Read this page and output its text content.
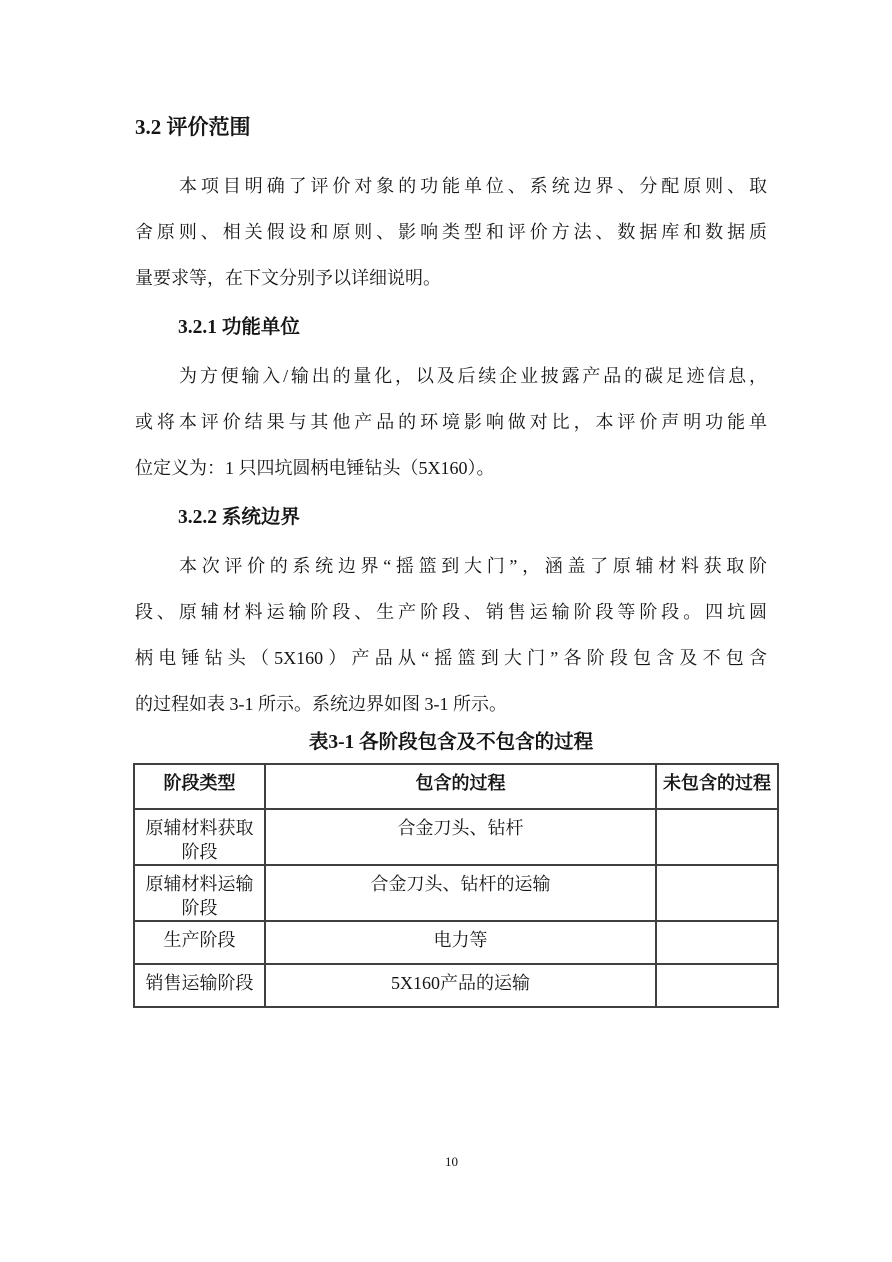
3.2 评价范围
本项目明确了评价对象的功能单位、系统边界、分配原则、取
舍原则、相关假设和原则、影响类型和评价方法、数据库和数据质
量要求等，在下文分别予以详细说明。
3.2.1 功能单位
为方便输入/输出的量化，以及后续企业披露产品的碳足迹信息，
或将本评价结果与其他产品的环境影响做对比，本评价声明功能单
位定义为：1 只四坑圆柄电锤钻头（5X160）。
3.2.2 系统边界
本次评价的系统边界“摇篮到大门”，涵盖了原辅材料获取阶
段、原辅材料运输阶段、生产阶段、销售运输阶段等阶段。四坑圆
柄电锤钻头（5X160）产品从“摇篮到大门”各阶段包含及不包含
的过程如表 3-1 所示。系统边界如图 3-1 所示。
表3-1 各阶段包含及不包含的过程
阶段类型	包含的过程	未包含的过程
原辅材料获取阶段	合金刀头、钻杆	
原辅材料运输阶段	合金刀头、钻杆的运输	
生产阶段	电力等	
销售运输阶段	5X160产品的运输	
10
